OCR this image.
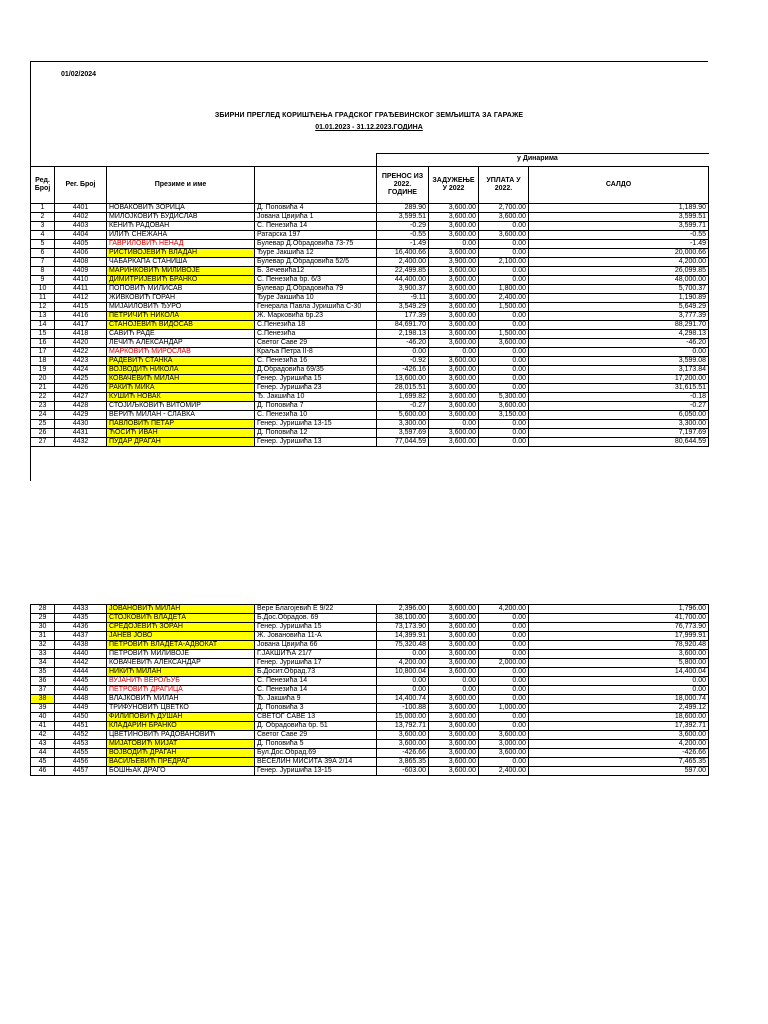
01/02/2024
ЗБИРНИ ПРЕГЛЕД КОРИШЋЕЊА ГРАДСКОГ ГРАЂЕВИНСКОГ ЗЕМЉИШТА ЗА ГАРАЖЕ
01.01.2023 - 31.12.2023.ГОДИНА
у Динарима
Ред. Број	Рег. Број	Презиме и име		ПРЕНОС ИЗ 2022. ГОДИНЕ	ЗАДУЖЕЊЕ У 2022	УПЛАТА У 2022.	САЛДО
1	4401	НОВАКОВИЋ ЗОРИЦА	Д. Поповића 4	289.90	3,600.00	2,700.00	1,189.90
2	4402	МИЛОЈКОВИЋ БУДИСЛАВ	Јована Цвијића 1	3,599.51	3,600.00	3,600.00	3,599.51
3	4403	КЕНИЋ РАДОВАН	С. Пенезића 14	-0.29	3,600.00	0.00	3,599.71
4	4404	ИЛИЋ СНЕЖАНА	Ратарска 197	-0.55	3,600.00	3,600.00	-0.55
5	4405	ГАВРИЛОВИЋ НЕНАД	Булевар Д.Обрадовића 73-75	-1.49	0.00	0.00	-1.49
6	4406	РИСТИВОЈЕВИЋ ВЛАДАН	Ђуре Јакшића 12	16,400.66	3,600.00	0.00	20,000.66
7	4408	ЧАБАРКАПА СТАНИША	Булевар Д.Обрадовића 52/5	2,400.00	3,900.00	2,100.00	4,200.00
8	4409	МАРИНКОВИЋ МИЛИВОЈЕ	Б. Зечевића12	22,499.85	3,600.00	0.00	26,099.85
9	4410	ДИМИТРИЈЕВИЋ БРАНКО	С. Пенезића бр. 6/3	44,400.00	3,600.00	0.00	48,000.00
10	4411	ПОПОВИЋ МИЛИСАВ	Булевар Д.Обрадовића 79	3,900.37	3,600.00	1,800.00	5,700.37
11	4412	ЖИВКОВИЋ ГОРАН	Ђуре Јакшића 10	-9.11	3,600.00	2,400.00	1,190.89
12	4415	МИЈАИЛОВИЋ ЂУРО	Генерала Павла Јуришића С-30	3,549.29	3,600.00	1,500.00	5,649.29
13	4416	ПЕТРИЧИЋ НИКОЛА	Ж. Марковића бр.23	177.39	3,600.00	0.00	3,777.39
14	4417	СТАНОЈЕВИЋ ВИДОСАВ	С.Пенезића 18	84,691.70	3,600.00	0.00	88,291.70
15	4418	САВИЋ РАДЕ	С.Пенезића	2,198.13	3,600.00	1,500.00	4,298.13
16	4420	ЛЕЧИЋ АЛЕКСАНДАР	Светог Саве 29	-46.20	3,600.00	3,600.00	-46.20
17	4422	МАРКОВИЋ МИРОСЛАВ	Краља Петра II-8	0.00	0.00	0.00	0.00
18	4423	РАДЕВИЋ СТАНКА	С. Пенезића 16	-0.92	3,600.00	0.00	3,599.08
19	4424	ВОЈВОДИЋ НИКОЛА	Д.Обрадовића 69/35	-426.16	3,600.00	0.00	3,173.84
20	4425	КОВАЧЕВИЋ МИЛАН	Генер. Јуришића 15	13,600.00	3,600.00	0.00	17,200.00
21	4426	РАКИЋ МИКА	Генер. Јуришића 23	28,015.51	3,600.00	0.00	31,615.51
22	4427	КУШИЋ НОВАК	Ђ. Јакшића 10	1,699.82	3,600.00	5,300.00	-0.18
23	4428	СТОЈИЉКОВИЋ ВИТОМИР	Д. Поповића 7	-0.27	3,600.00	3,600.00	-0.27
24	4429	ВЕРИЋ МИЛАН - СЛАВКА	С. Пенезића 10	5,600.00	3,600.00	3,150.00	6,050.00
25	4430	ПАВЛОВИЋ ПЕТАР	Генер. Јуришића 13-15	3,300.00	0.00	0.00	3,300.00
26	4431	ЋОСИЋ ИВАН	Д. Поповића 12	3,597.69	3,600.00	0.00	7,197.69
27	4432	ПУДАР ДРАГАН	Генер. Јуришића 13	77,044.59	3,600.00	0.00	80,644.59
28	4433	ЈОВАНОВИЋ МИЛАН	Вере Благојевић Е 9/22	2,396.00	3,600.00	4,200.00	1,796.00
29	4435	СТОЈКОВИЋ ВЛАДЕТА	Б.Дос.Обрадов. 69	38,100.00	3,600.00	0.00	41,700.00
30	4436	СРЕДОЈЕВИЋ ЗОРАН	Генер. Јуришића 15	73,173.90	3,600.00	0.00	76,773.90
31	4437	ЈАНЕВ ЈОВО	Ж. Јовановића 11-А	14,399.91	3,600.00	0.00	17,999.91
32	4438	ПЕТРОВИЋ ВЛАДЕТА-АДВОКАТ	Јована Цвијића 66	75,320.48	3,600.00	0.00	78,920.48
33	4440	ПЕТРОВИЋ МИЛИВОЈЕ	Г.ЈАКШИЋА 21/7	0.00	3,600.00	0.00	3,600.00
34	4442	КОВАЧЕВИЋ АЛЕКСАНДАР	Генер. Јуришића 17	4,200.00	3,600.00	2,000.00	5,800.00
35	4444	НИКИЋ МИЛАН	Б.Досит.Обрад.73	10,800.04	3,600.00	0.00	14,400.04
36	4445	ВУЈАНИЋ ВЕРОЉУБ	С. Пенезића 14	0.00	0.00	0.00	0.00
37	4446	ПЕТРОВИЋ ДРАГИЦА	С. Пенезића 14	0.00	0.00	0.00	0.00
38	4448	ВЛАЈКОВИЋ МИЛАН	Ђ. Јакшића 9	14,400.74	3,600.00	0.00	18,000.74
39	4449	ТРИФУНОВИЋ ЦВЕТКО	Д. Поповића 3	-100.88	3,600.00	1,000.00	2,499.12
40	4450	ФИЛИПОВИЋ ДУШАН	СВЕТОГ САВЕ 13	15,000.00	3,600.00	0.00	18,600.00
41	4451	КЛАДАРИН БРАНКО	Д. Обрадовића бр. 51	13,792.71	3,600.00	0.00	17,392.71
42	4452	ЦВЕТИНОВИЋ РАДОВАНОВИЋ	Светог Саве 29	3,600.00	3,600.00	3,600.00	3,600.00
43	4453	МИЈАТОВИЋ МИЈАТ	Д. Поповића 5	3,600.00	3,600.00	3,000.00	4,200.00
44	4455	ВОЈВОДИЋ ДРАГАН	Бул.Дос.Обрад.69	-426.66	3,600.00	3,600.00	-426.66
45	4456	ВАСИЉЕВИЋ ПРЕДРАГ	ВЕСЕЛИН МИСИТА 39А 2/14	3,865.35	3,600.00	0.00	7,465.35
46	4457	БОШЊАК ДРАГО	Генер. Јуришића 13-15	-603.00	3,600.00	2,400.00	597.00
